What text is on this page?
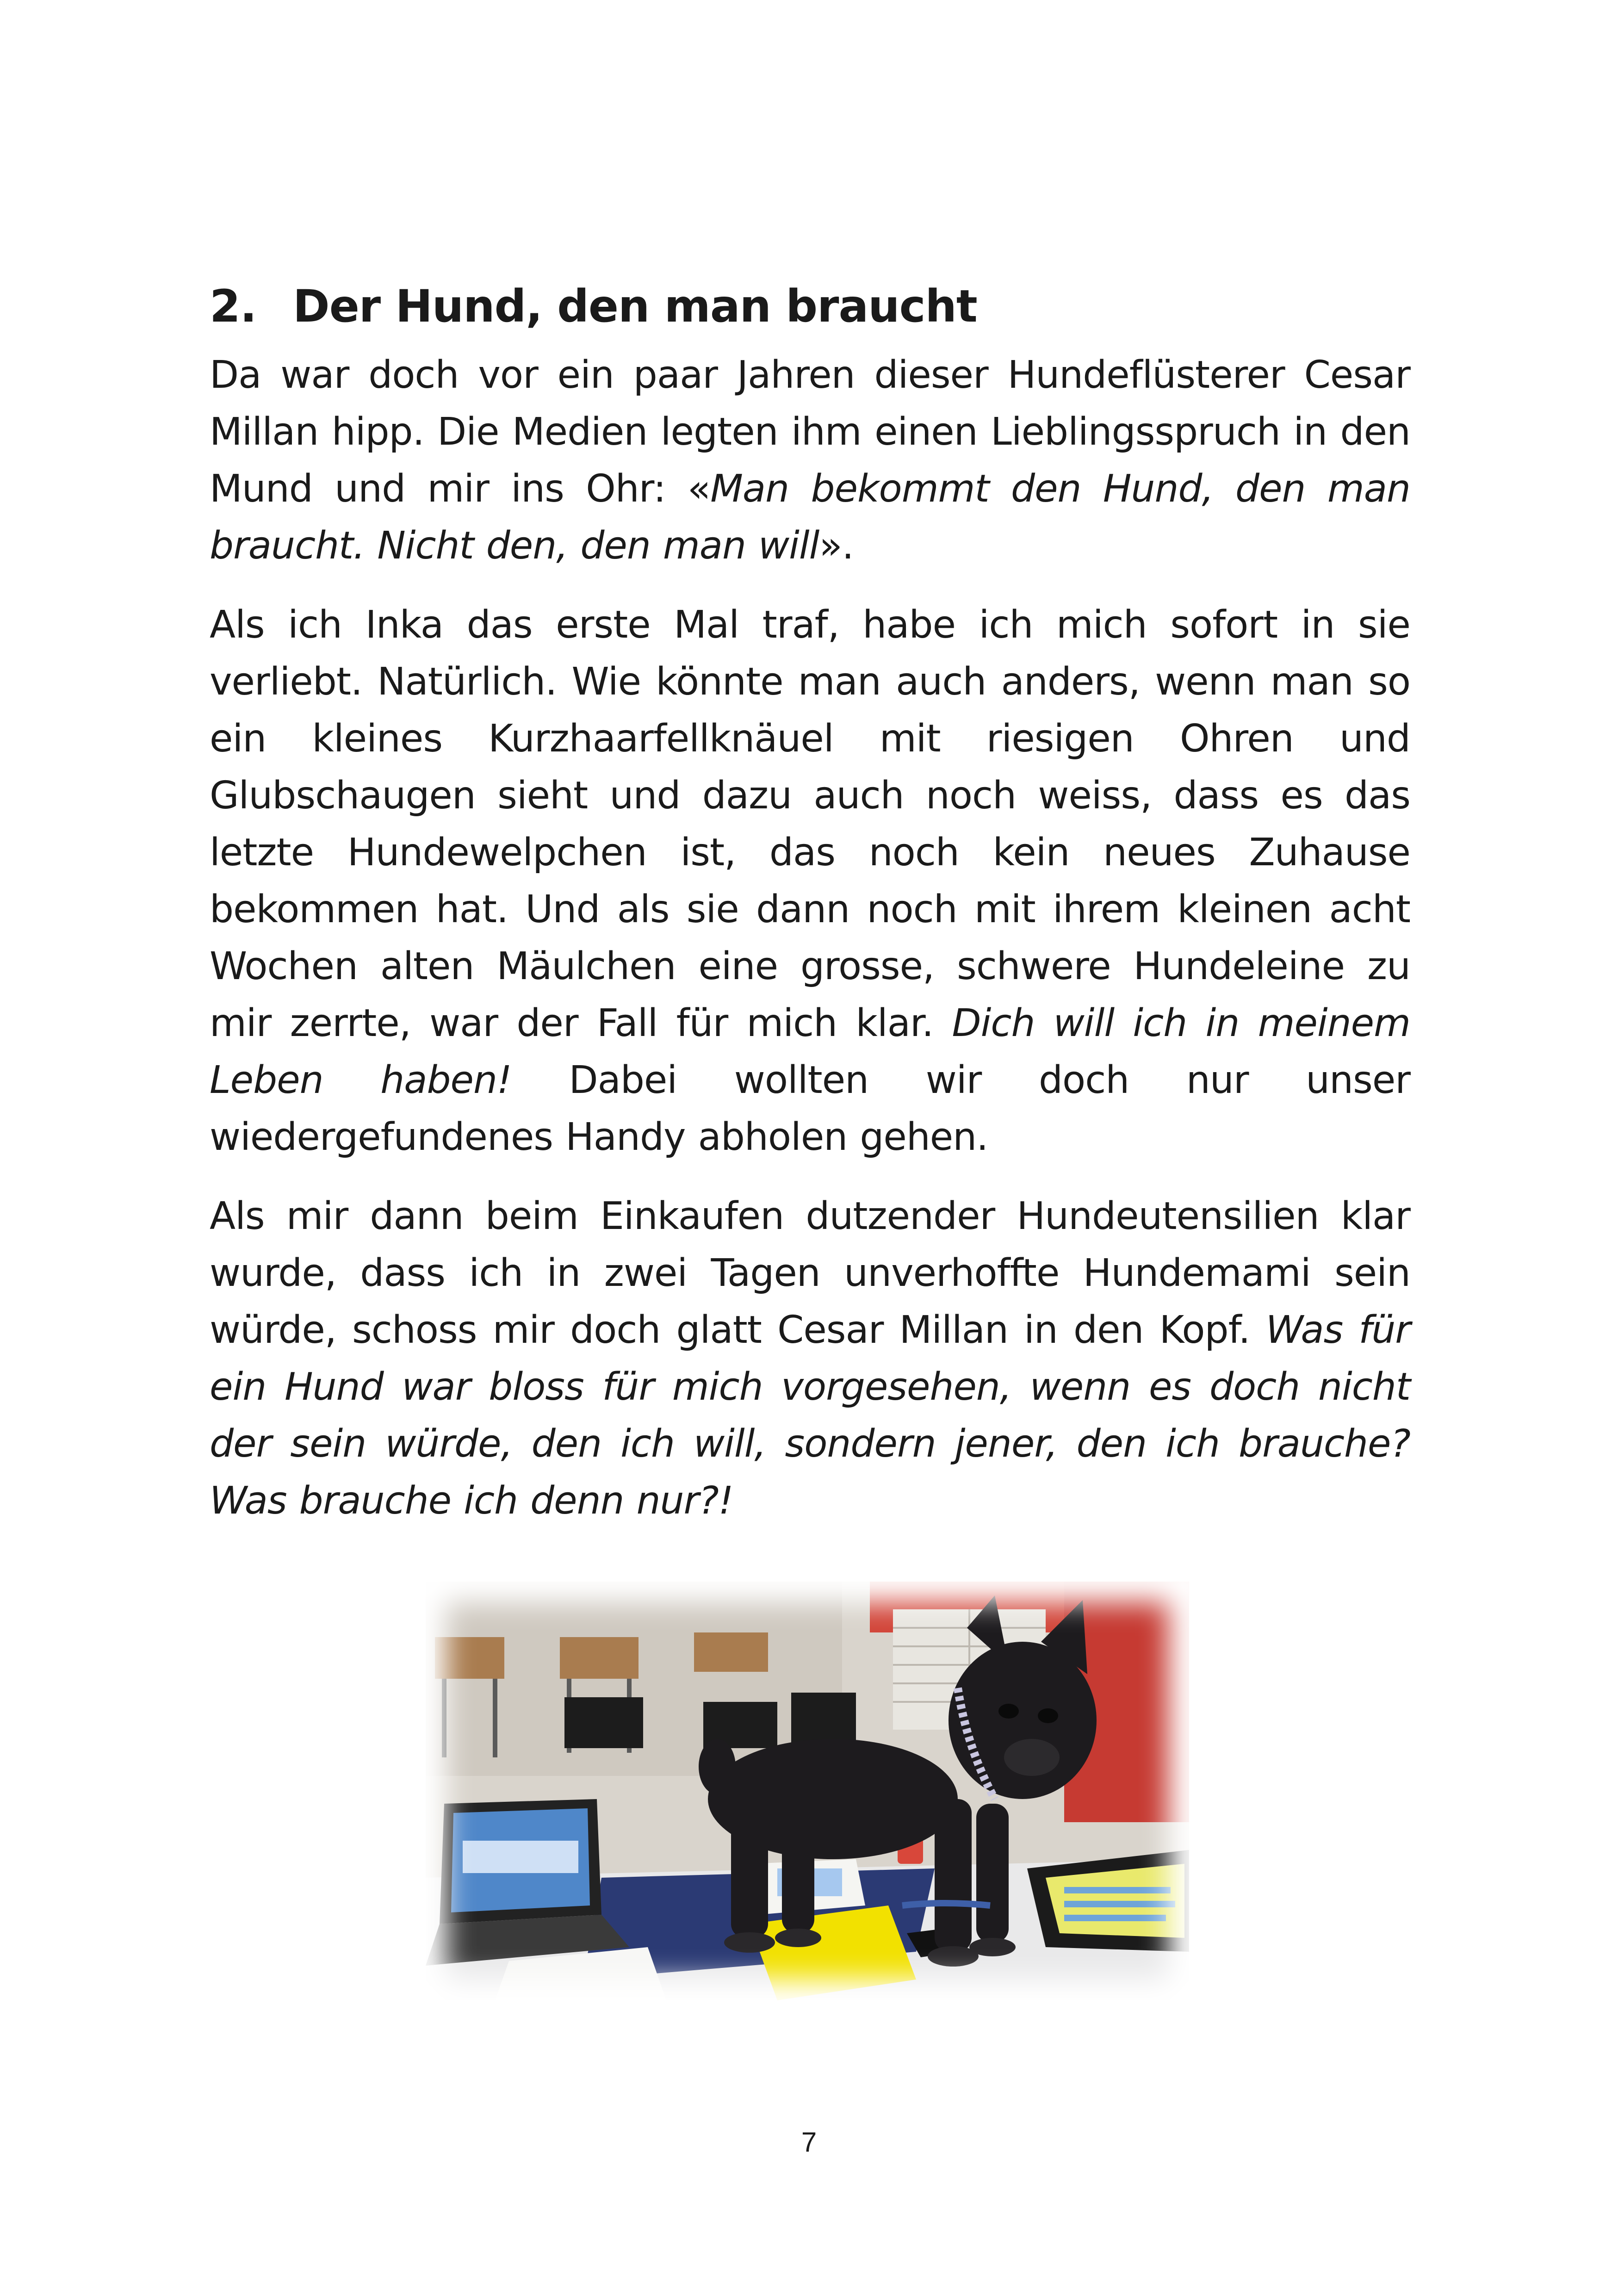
2. Der Hund, den man braucht

Da war doch vor ein paar Jahren dieser Hundeflüsterer Cesar Millan hipp. Die Medien legten ihm einen Lieblingsspruch in den Mund und mir ins Ohr: «Man bekommt den Hund, den man braucht. Nicht den, den man will».

Als ich Inka das erste Mal traf, habe ich mich sofort in sie verliebt. Natürlich. Wie könnte man auch anders, wenn man so ein kleines Kurzhaarfellknäuel mit riesigen Ohren und Glubschaugen sieht und dazu auch noch weiss, dass es das letzte Hundewelpchen ist, das noch kein neues Zuhause bekommen hat. Und als sie dann noch mit ihrem kleinen acht Wochen alten Mäulchen eine grosse, schwere Hundeleine zu mir zerrte, war der Fall für mich klar. Dich will ich in meinem Leben haben! Dabei wollten wir doch nur unser wiedergefundenes Handy abholen gehen.

Als mir dann beim Einkaufen dutzender Hundeutensilien klar wurde, dass ich in zwei Tagen unverhoffte Hundemami sein würde, schoss mir doch glatt Cesar Millan in den Kopf. Was für ein Hund war bloss für mich vorgesehen, wenn es doch nicht der sein würde, den ich will, sondern jener, den ich brauche? Was brauche ich denn nur?!

7
